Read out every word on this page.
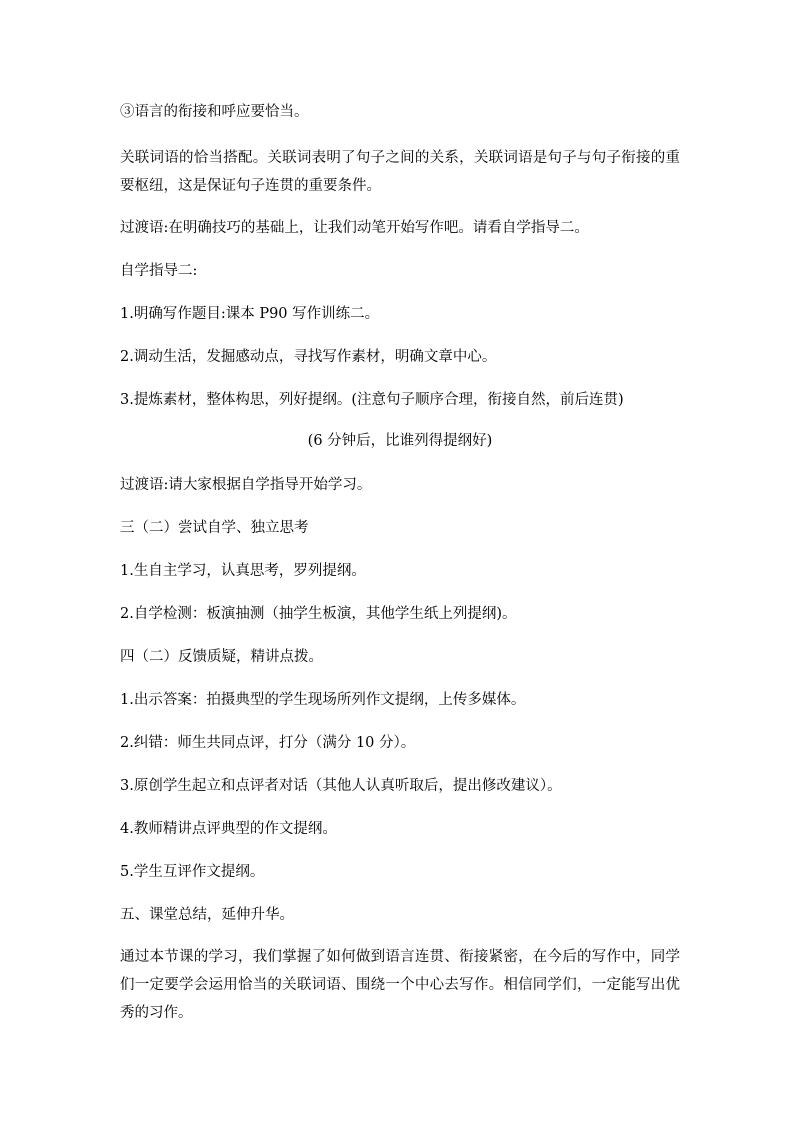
③语言的衔接和呼应要恰当。
关联词语的恰当搭配。关联词表明了句子之间的关系，关联词语是句子与句子衔接的重要枢纽，这是保证句子连贯的重要条件。
过渡语:在明确技巧的基础上，让我们动笔开始写作吧。请看自学指导二。
自学指导二:
1.明确写作题目:课本 P90 写作训练二。
2.调动生活，发掘感动点，寻找写作素材，明确文章中心。
3.提炼素材，整体构思，列好提纲。(注意句子顺序合理，衔接自然，前后连贯)
(6 分钟后，比谁列得提纲好)
过渡语:请大家根据自学指导开始学习。
三（二）尝试自学、独立思考
1.生自主学习，认真思考，罗列提纲。
2.自学检测：板演抽测（抽学生板演，其他学生纸上列提纲)。
四（二）反馈质疑，精讲点拨。
1.出示答案：拍摄典型的学生现场所列作文提纲，上传多媒体。
2.纠错：师生共同点评，打分（满分 10 分）。
3.原创学生起立和点评者对话（其他人认真听取后，提出修改建议）。
4.教师精讲点评典型的作文提纲。
5.学生互评作文提纲。
五、课堂总结，延伸升华。
通过本节课的学习，我们掌握了如何做到语言连贯、衔接紧密，在今后的写作中，同学们一定要学会运用恰当的关联词语、围绕一个中心去写作。相信同学们，一定能写出优秀的习作。
